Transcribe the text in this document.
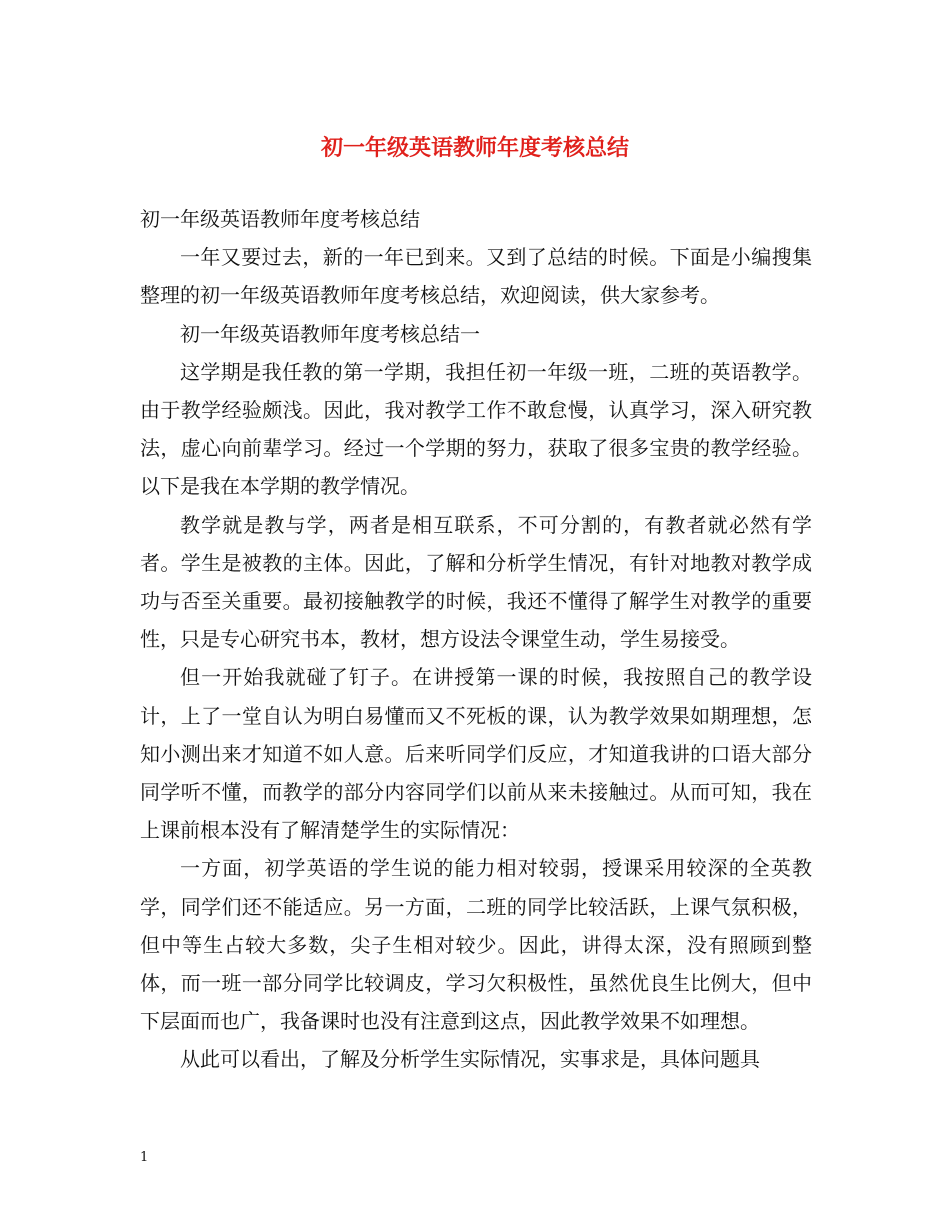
初一年级英语教师年度考核总结

初一年级英语教师年度考核总结

一年又要过去，新的一年已到来。又到了总结的时候。下面是小编搜集整理的初一年级英语教师年度考核总结，欢迎阅读，供大家参考。

初一年级英语教师年度考核总结一

这学期是我任教的第一学期，我担任初一年级一班，二班的英语教学。由于教学经验颇浅。因此，我对教学工作不敢怠慢，认真学习，深入研究教法，虚心向前辈学习。经过一个学期的努力，获取了很多宝贵的教学经验。以下是我在本学期的教学情况。

教学就是教与学，两者是相互联系，不可分割的，有教者就必然有学者。学生是被教的主体。因此，了解和分析学生情况，有针对地教对教学成功与否至关重要。最初接触教学的时候，我还不懂得了解学生对教学的重要性，只是专心研究书本，教材，想方设法令课堂生动，学生易接受。

但一开始我就碰了钉子。在讲授第一课的时候，我按照自己的教学设计，上了一堂自认为明白易懂而又不死板的课，认为教学效果如期理想，怎知小测出来才知道不如人意。后来听同学们反应，才知道我讲的口语大部分同学听不懂，而教学的部分内容同学们以前从来未接触过。从而可知，我在上课前根本没有了解清楚学生的实际情况：

一方面，初学英语的学生说的能力相对较弱，授课采用较深的全英教学，同学们还不能适应。另一方面，二班的同学比较活跃，上课气氛积极，但中等生占较大多数，尖子生相对较少。因此，讲得太深，没有照顾到整体，而一班一部分同学比较调皮，学习欠积极性，虽然优良生比例大，但中下层面而也广，我备课时也没有注意到这点，因此教学效果不如理想。

从此可以看出，了解及分析学生实际情况，实事求是，具体问题具

1
